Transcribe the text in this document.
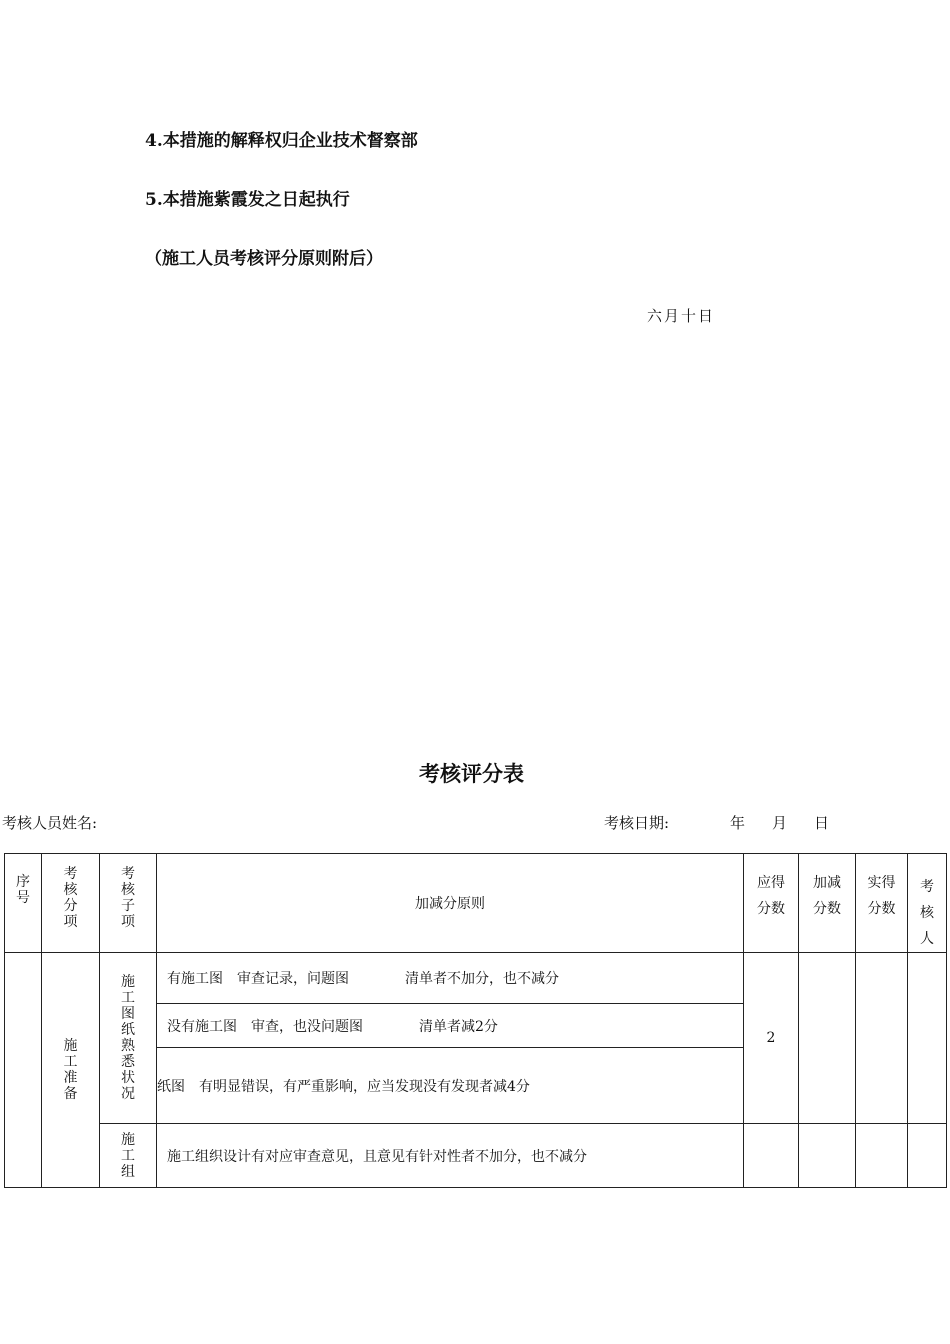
4.本措施的解释权归企业技术督察部
5.本措施紫霞发之日起执行
（施工人员考核评分原则附后）
六月十日
考核评分表
考核人员姓名:	考核日期:	年 月 日
序号	考核分项	考核子项	加减分原则	应得分数	加减分数	实得分数	考核人

	施工准备	施工图纸熟悉状况	有施工图　审查记录，问题图　　　　清单者不加分，也不减分	2			
			没有施工图　审查，也没问题图　　　　清单者减2分				
			纸图　有明显错误，有严重影响，应当发现没有发现者减4分				

		施工组	施工组织设计有对应审查意见，且意见有针对性者不加分，也不减分				
